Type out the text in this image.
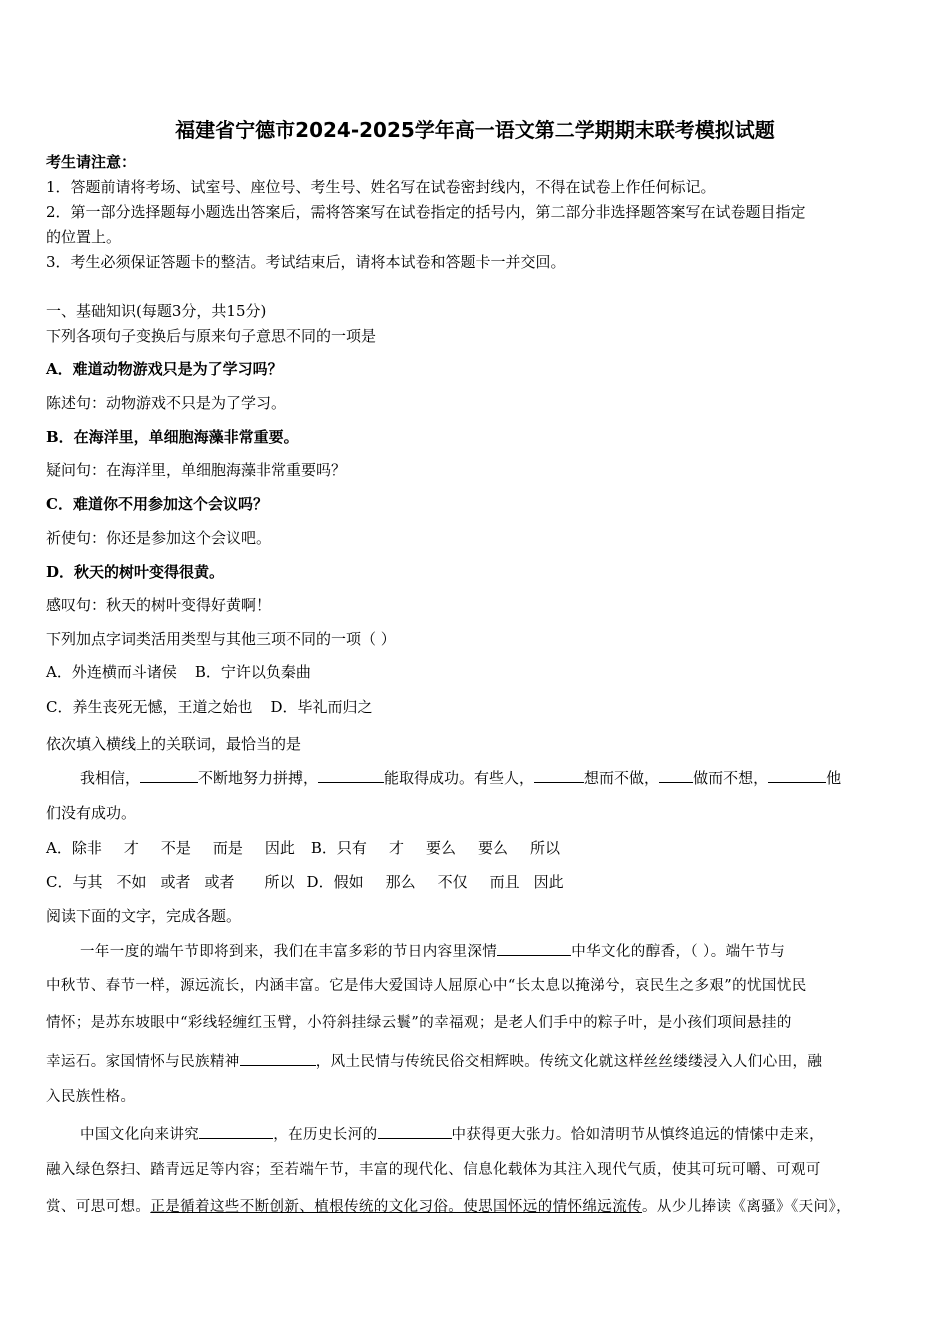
福建省宁德市2024-2025学年高一语文第二学期期末联考模拟试题
考生请注意：
1．答题前请将考场、试室号、座位号、考生号、姓名写在试卷密封线内，不得在试卷上作任何标记。
2．第一部分选择题每小题选出答案后，需将答案写在试卷指定的括号内，第二部分非选择题答案写在试卷题目指定
的位置上。
3．考生必须保证答题卡的整洁。考试结束后，请将本试卷和答题卡一并交回。
一、基础知识(每题3分，共15分)
下列各项句子变换后与原来句子意思不同的一项是
A．难道动物游戏只是为了学习吗？
陈述句：动物游戏不只是为了学习。
B．在海洋里，单细胞海藻非常重要。
疑问句：在海洋里，单细胞海藻非常重要吗？
C．难道你不用参加这个会议吗？
祈使句：你还是参加这个会议吧。
D．秋天的树叶变得很黄。
感叹句：秋天的树叶变得好黄啊！
下列加点字词类活用类型与其他三项不同的一项（ ）
A．外连横而斗诸侯 B．宁许以负秦曲
C．养生丧死无憾，王道之始也 D．毕礼而归之
依次填入横线上的关联词，最恰当的是
我相信，	不断地努力拼搏，	能取得成功。有些人，	想而不做， 做而不想，	他
们没有成功。
A．除非 才 不是 而是 因此 B．只有 才 要么 要么 所以
C．与其 不如 或者 或者 所以 D．假如 那么 不仅 而且 因此
阅读下面的文字，完成各题。
一年一度的端午节即将到来，我们在丰富多彩的节日内容里深情	中华文化的醇香，（ ）。端午节与
中秋节、春节一样，源远流长，内涵丰富。它是伟大爱国诗人屈原心中“长太息以掩涕兮，哀民生之多艰”的忧国忧民
情怀；是苏东坡眼中“彩线轻缠红玉臂，小符斜挂绿云鬟”的幸福观；是老人们手中的粽子叶，是小孩们项间悬挂的
幸运石。家国情怀与民族精神	，风土民情与传统民俗交相辉映。传统文化就这样丝丝缕缕浸入人们心田，融
入民族性格。
中国文化向来讲究	，在历史长河的	中获得更大张力。恰如清明节从慎终追远的情愫中走来，
融入绿色祭扫、踏青远足等内容；至若端午节，丰富的现代化、信息化载体为其注入现代气质，使其可玩可嚼、可观可
赏、可思可想。正是循着这些不断创新、植根传统的文化习俗。使思国怀远的情怀绵远流传。从少儿捧读《离骚》《天问》，
